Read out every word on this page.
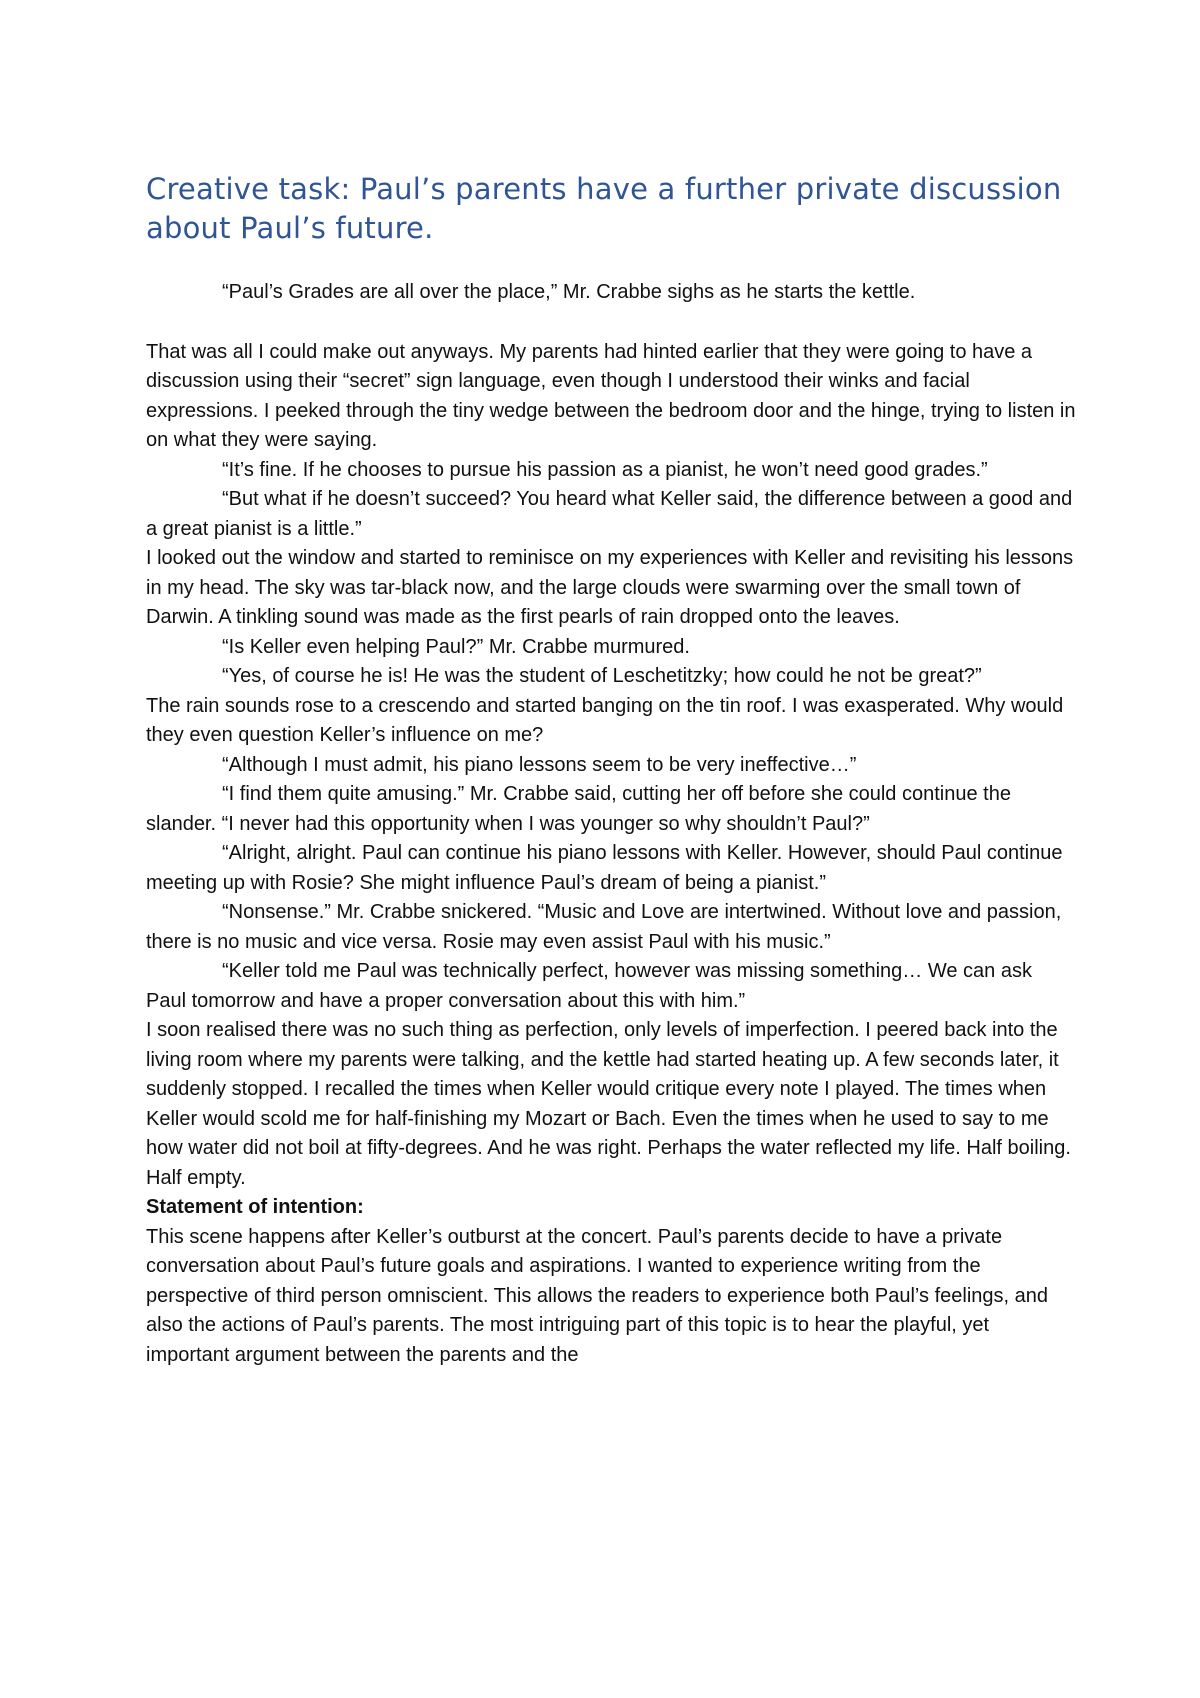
Creative task: Paul’s parents have a further private discussion about Paul’s future.

“Paul’s Grades are all over the place,” Mr. Crabbe sighs as he starts the kettle.

That was all I could make out anyways. My parents had hinted earlier that they were going to have a discussion using their “secret” sign language, even though I understood their winks and facial expressions. I peeked through the tiny wedge between the bedroom door and the hinge, trying to listen in on what they were saying.

“It’s fine. If he chooses to pursue his passion as a pianist, he won’t need good grades.”

“But what if he doesn’t succeed? You heard what Keller said, the difference between a good and a great pianist is a little.”

I looked out the window and started to reminisce on my experiences with Keller and revisiting his lessons in my head. The sky was tar-black now, and the large clouds were swarming over the small town of Darwin. A tinkling sound was made as the first pearls of rain dropped onto the leaves.

“Is Keller even helping Paul?” Mr. Crabbe murmured.

“Yes, of course he is! He was the student of Leschetitzky; how could he not be great?”

The rain sounds rose to a crescendo and started banging on the tin roof. I was exasperated. Why would they even question Keller’s influence on me?

“Although I must admit, his piano lessons seem to be very ineffective…”

“I find them quite amusing.” Mr. Crabbe said, cutting her off before she could continue the slander. “I never had this opportunity when I was younger so why shouldn’t Paul?”

“Alright, alright. Paul can continue his piano lessons with Keller. However, should Paul continue meeting up with Rosie? She might influence Paul’s dream of being a pianist.”

“Nonsense.” Mr. Crabbe snickered. “Music and Love are intertwined. Without love and passion, there is no music and vice versa. Rosie may even assist Paul with his music.”

“Keller told me Paul was technically perfect, however was missing something… We can ask Paul tomorrow and have a proper conversation about this with him.”

I soon realised there was no such thing as perfection, only levels of imperfection. I peered back into the living room where my parents were talking, and the kettle had started heating up. A few seconds later, it suddenly stopped. I recalled the times when Keller would critique every note I played. The times when Keller would scold me for half-finishing my Mozart or Bach. Even the times when he used to say to me how water did not boil at fifty-degrees. And he was right. Perhaps the water reflected my life. Half boiling. Half empty.

Statement of intention:

This scene happens after Keller’s outburst at the concert. Paul’s parents decide to have a private conversation about Paul’s future goals and aspirations. I wanted to experience writing from the perspective of third person omniscient. This allows the readers to experience both Paul’s feelings, and also the actions of Paul’s parents. The most intriguing part of this topic is to hear the playful, yet important argument between the parents and the
